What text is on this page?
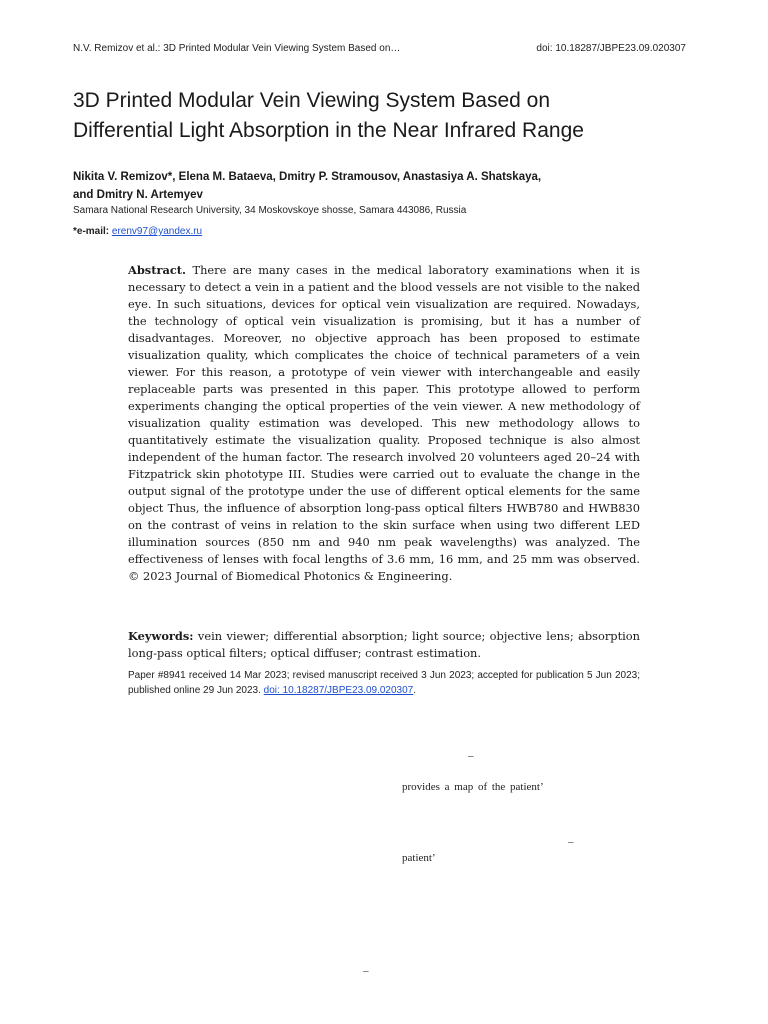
N.V. Remizov et al.: 3D Printed Modular Vein Viewing System Based on…	doi: 10.18287/JBPE23.09.020307
3D Printed Modular Vein Viewing System Based on
Differential Light Absorption in the Near Infrared Range

Nikita V. Remizov*, Elena M. Bataeva, Dmitry P. Stramousov, Anastasiya A. Shatskaya,
and Dmitry N. Artemyev

Samara National Research University, 34 Moskovskoye shosse, Samara 443086, Russia

*e-mail: erenv97@yandex.ru

Abstract. There are many cases in the medical laboratory examinations when it is necessary to detect a vein in a patient and the blood vessels are not visible to the naked eye. In such situations, devices for optical vein visualization are required. Nowadays, the technology of optical vein visualization is promising, but it has a number of disadvantages. Moreover, no objective approach has been proposed to estimate visualization quality, which complicates the choice of technical parameters of a vein viewer. For this reason, a prototype of vein viewer with interchangeable and easily replaceable parts was presented in this paper. This prototype allowed to perform experiments changing the optical properties of the vein viewer. A new methodology of visualization quality estimation was developed. This new methodology allows to quantitatively estimate the visualization quality. Proposed technique is also almost independent of the human factor. The research involved 20 volunteers aged 20–24 with Fitzpatrick skin phototype III. Studies were carried out to evaluate the change in the output signal of the prototype under the use of different optical elements for the same object Thus, the influence of absorption long-pass optical filters HWB780 and HWB830 on the contrast of veins in relation to the skin surface when using two different LED illumination sources (850 nm and 940 nm peak wavelengths) was analyzed. The effectiveness of lenses with focal lengths of 3.6 mm, 16 mm, and 25 mm was observed. © 2023 Journal of Biomedical Photonics & Engineering.

Keywords: vein viewer; differential absorption; light source; objective lens; absorption long-pass optical filters; optical diffuser; contrast estimation.

Paper #8941 received 14 Mar 2023; revised manuscript received 3 Jun 2023; accepted for publication 5 Jun 2023; published online 29 Jun 2023. doi: 10.18287/JBPE23.09.020307.

–
provides a map of the patient’
–
patient’
–
